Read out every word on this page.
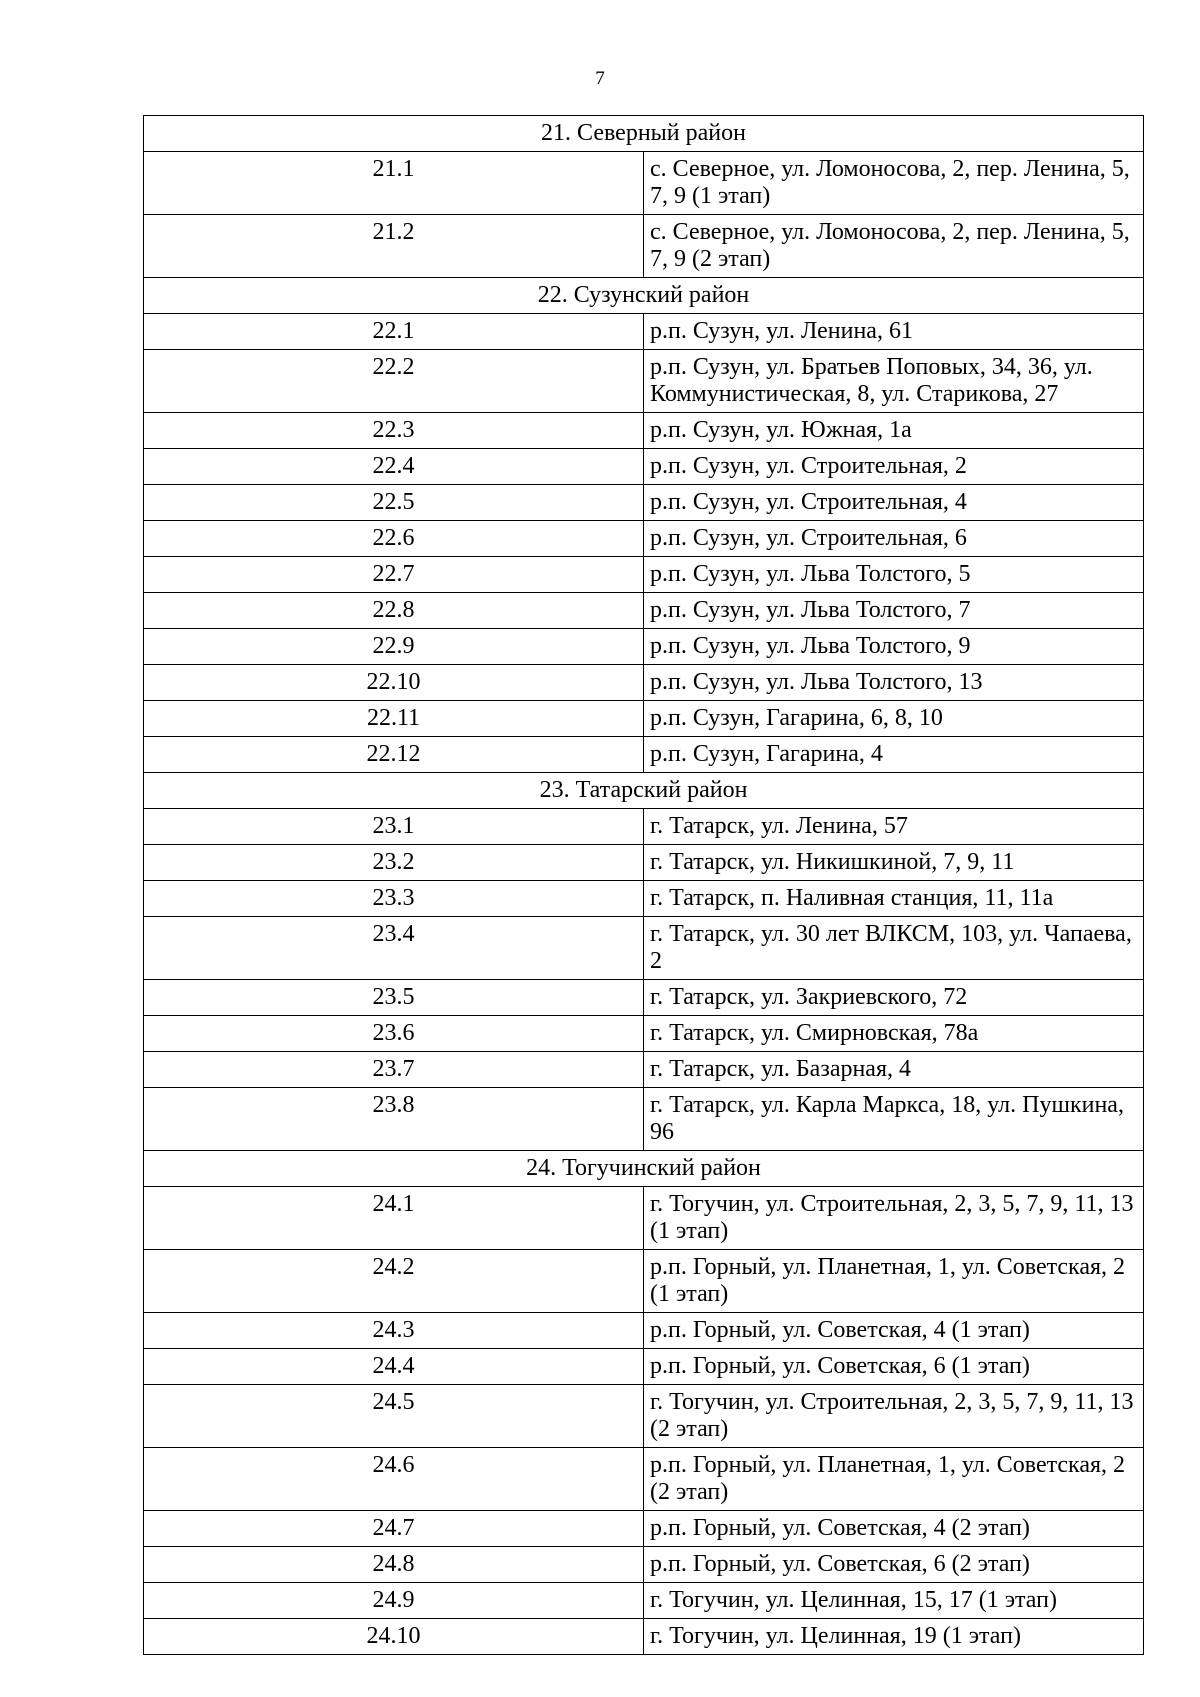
7
21. Северный район	
21.1	с. Северное, ул. Ломоносова, 2, пер. Ленина, 5, 7, 9 (1 этап)
21.2	с. Северное, ул. Ломоносова, 2, пер. Ленина, 5, 7, 9 (2 этап)
22. Сузунский район	
22.1	р.п. Сузун, ул. Ленина, 61
22.2	р.п. Сузун, ул. Братьев Поповых, 34, 36, ул. Коммунистическая, 8, ул. Старикова, 27
22.3	р.п. Сузун, ул. Южная, 1а
22.4	р.п. Сузун, ул. Строительная, 2
22.5	р.п. Сузун, ул. Строительная, 4
22.6	р.п. Сузун, ул. Строительная, 6
22.7	р.п. Сузун, ул. Льва Толстого, 5
22.8	р.п. Сузун, ул. Льва Толстого, 7
22.9	р.п. Сузун, ул. Льва Толстого, 9
22.10	р.п. Сузун, ул. Льва Толстого, 13
22.11	р.п. Сузун, Гагарина, 6, 8, 10
22.12	р.п. Сузун, Гагарина, 4
23. Татарский район	
23.1	г. Татарск, ул. Ленина, 57
23.2	г. Татарск, ул. Никишкиной, 7, 9, 11
23.3	г. Татарск, п. Наливная станция, 11, 11а
23.4	г. Татарск, ул. 30 лет ВЛКСМ, 103, ул. Чапаева, 2
23.5	г. Татарск, ул. Закриевского, 72
23.6	г. Татарск, ул. Смирновская, 78а
23.7	г. Татарск, ул. Базарная, 4
23.8	г. Татарск, ул. Карла Маркса, 18, ул. Пушкина, 96
24. Тогучинский район	
24.1	г. Тогучин, ул. Строительная, 2, 3, 5, 7, 9, 11, 13 (1 этап)
24.2	р.п. Горный, ул. Планетная, 1, ул. Советская, 2 (1 этап)
24.3	р.п. Горный, ул. Советская, 4 (1 этап)
24.4	р.п. Горный, ул. Советская, 6 (1 этап)
24.5	г. Тогучин, ул. Строительная, 2, 3, 5, 7, 9, 11, 13 (2 этап)
24.6	р.п. Горный, ул. Планетная, 1, ул. Советская, 2 (2 этап)
24.7	р.п. Горный, ул. Советская, 4 (2 этап)
24.8	р.п. Горный, ул. Советская, 6 (2 этап)
24.9	г. Тогучин, ул. Целинная, 15, 17 (1 этап)
24.10	г. Тогучин, ул. Целинная, 19 (1 этап)
